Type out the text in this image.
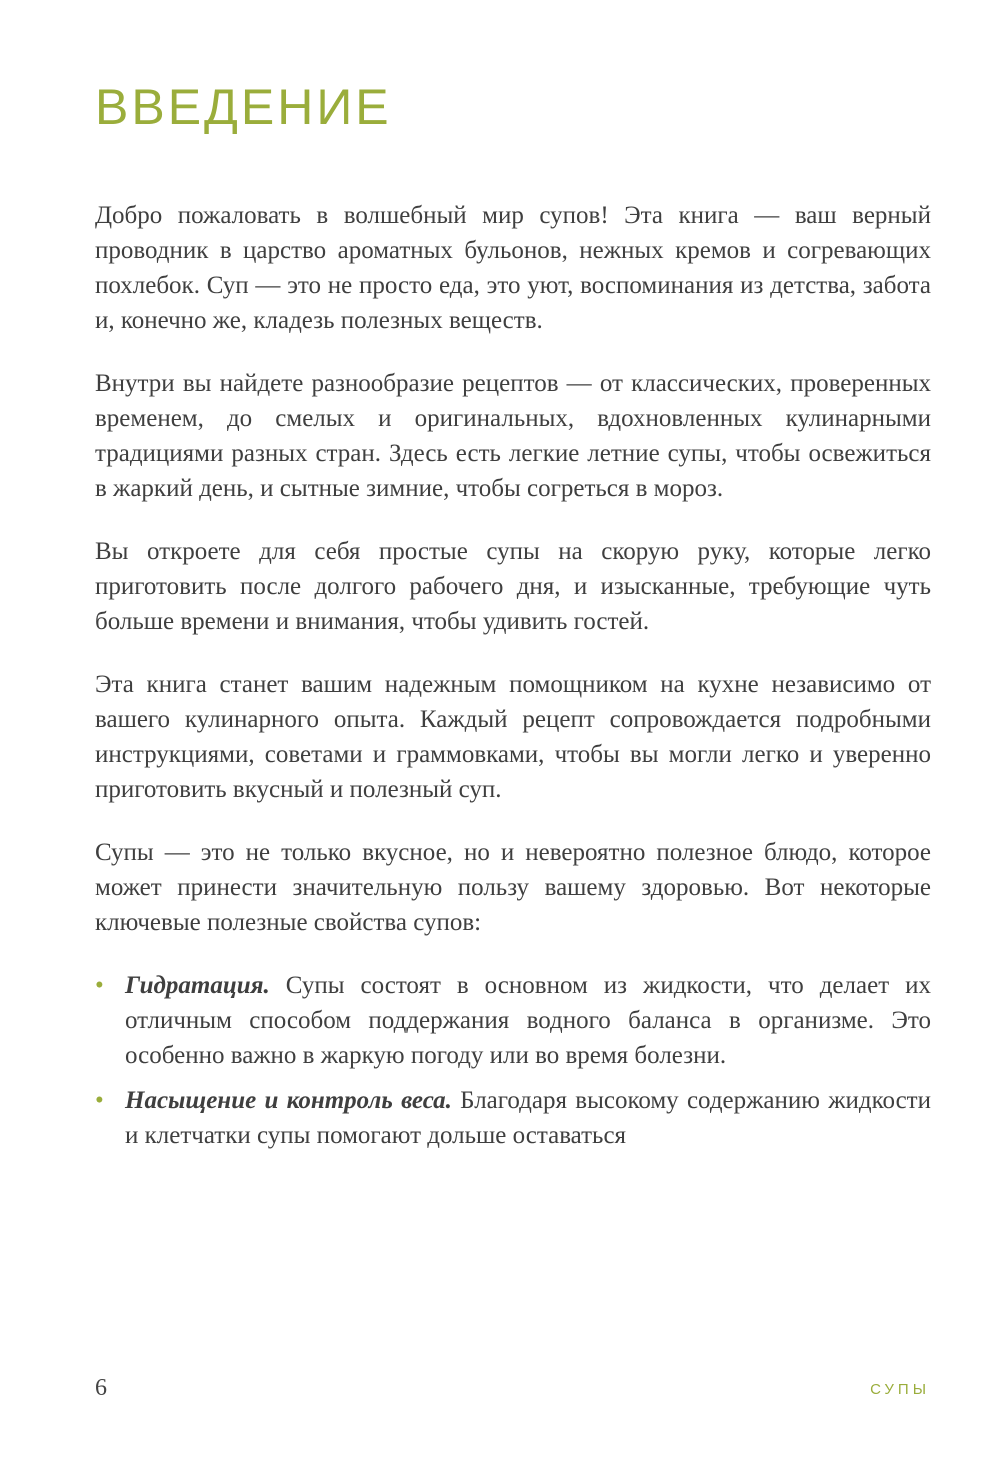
ВВЕДЕНИЕ

Добро пожаловать в волшебный мир супов! Эта книга — ваш верный проводник в царство ароматных бульонов, нежных кремов и согревающих похлебок. Суп — это не просто еда, это уют, воспоминания из детства, забота и, конечно же, кладезь полезных веществ.

Внутри вы найдете разнообразие рецептов — от классических, проверенных временем, до смелых и оригинальных, вдохновленных кулинарными традициями разных стран. Здесь есть легкие летние супы, чтобы освежиться в жаркий день, и сытные зимние, чтобы согреться в мороз.

Вы откроете для себя простые супы на скорую руку, которые легко приготовить после долгого рабочего дня, и изысканные, требующие чуть больше времени и внимания, чтобы удивить гостей.

Эта книга станет вашим надежным помощником на кухне независимо от вашего кулинарного опыта. Каждый рецепт сопровождается подробными инструкциями, советами и граммовками, чтобы вы могли легко и уверенно приготовить вкусный и полезный суп.

Супы — это не только вкусное, но и невероятно полезное блюдо, которое может принести значительную пользу вашему здоровью. Вот некоторые ключевые полезные свойства супов:

• Гидратация. Супы состоят в основном из жидкости, что делает их отличным способом поддержания водного баланса в организме. Это особенно важно в жаркую погоду или во время болезни.
• Насыщение и контроль веса. Благодаря высокому содержанию жидкости и клетчатки супы помогают дольше оставаться
6	СУПЫ
